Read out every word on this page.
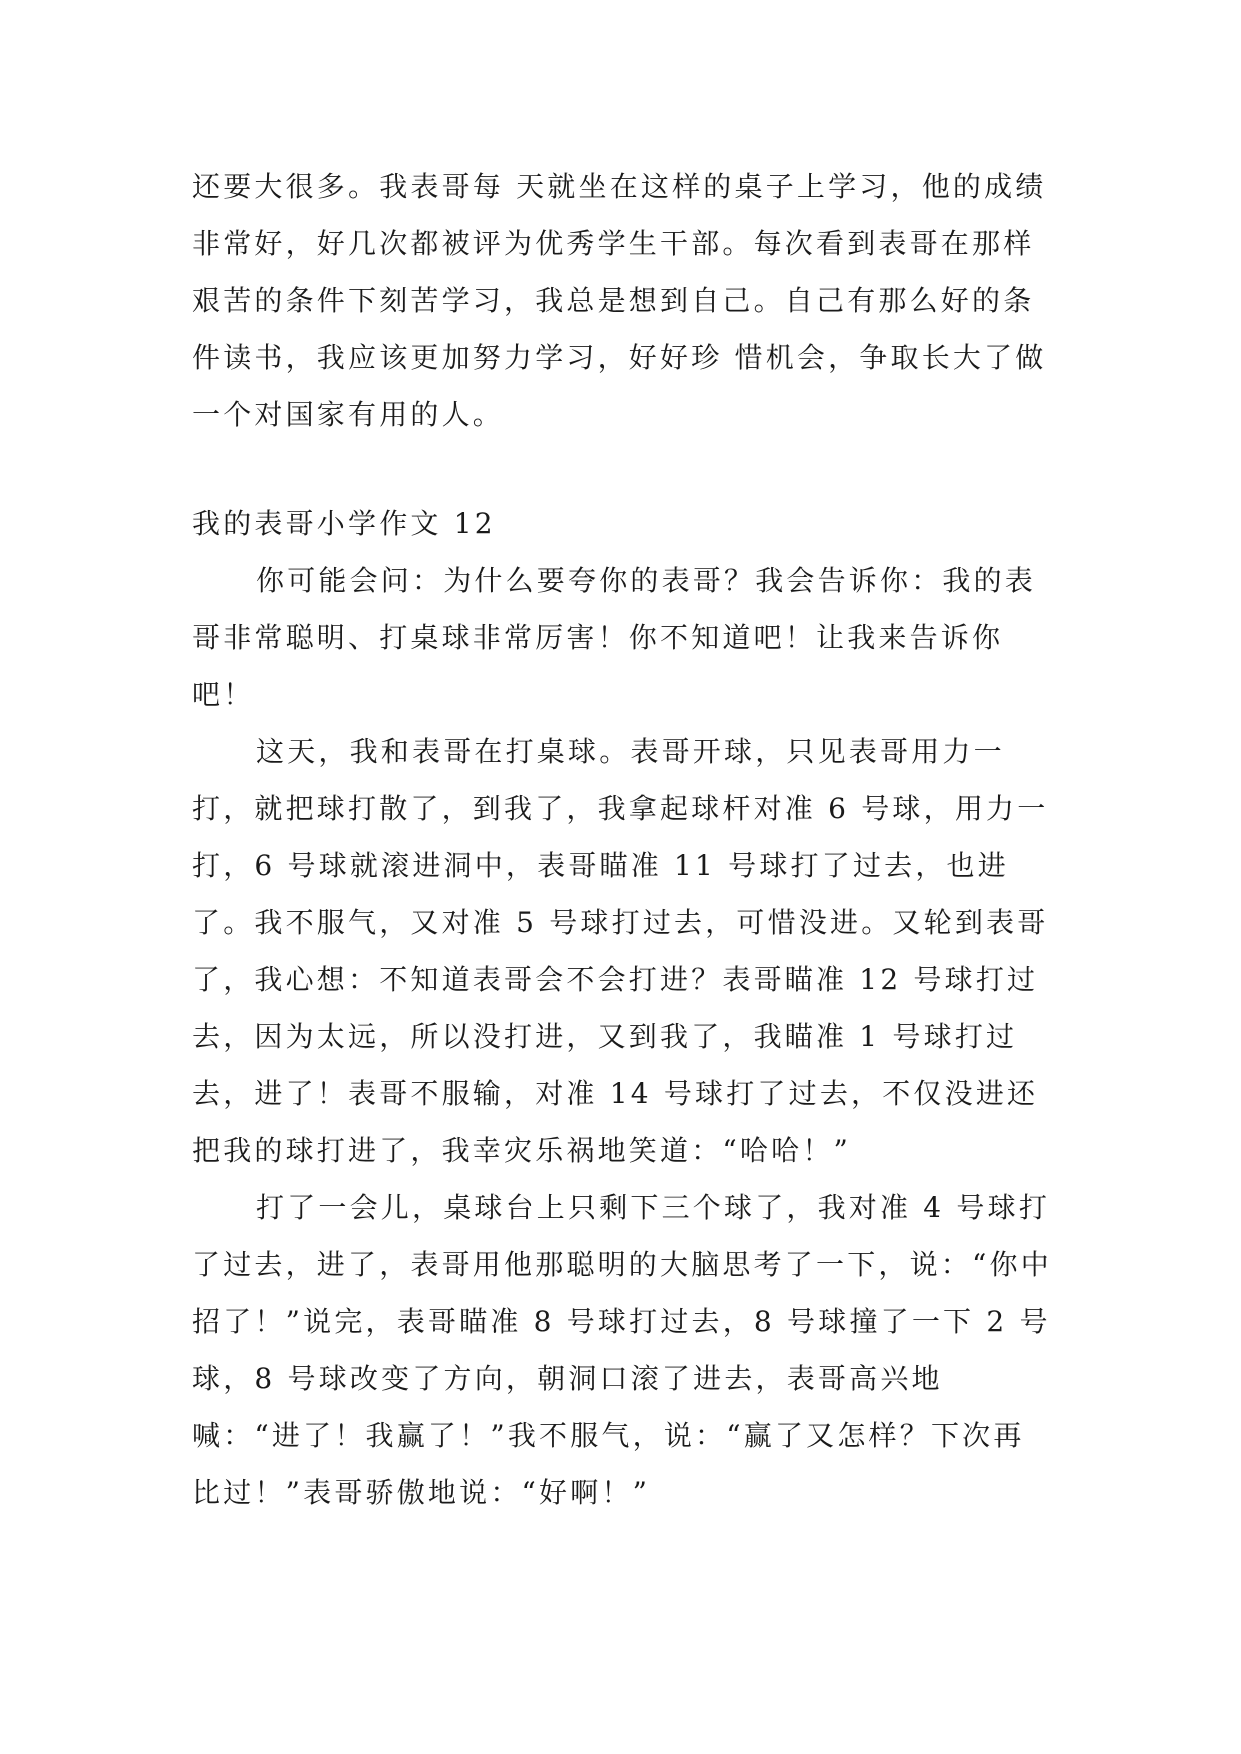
还要大很多。我表哥每 天就坐在这样的桌子上学习，他的成绩非常好，好几次都被评为优秀学生干部。每次看到表哥在那样艰苦的条件下刻苦学习，我总是想到自己。自己有那么好的条件读书，我应该更加努力学习，好好珍 惜机会，争取长大了做一个对国家有用的人。

我的表哥小学作文 12

你可能会问：为什么要夸你的表哥？我会告诉你：我的表哥非常聪明、打桌球非常厉害！你不知道吧！让我来告诉你吧！

这天，我和表哥在打桌球。表哥开球，只见表哥用力一打，就把球打散了，到我了，我拿起球杆对准 6 号球，用力一打，6 号球就滚进洞中，表哥瞄准 11 号球打了过去，也进了。我不服气，又对准 5 号球打过去，可惜没进。又轮到表哥了，我心想：不知道表哥会不会打进？表哥瞄准 12 号球打过去，因为太远，所以没打进，又到我了，我瞄准 1 号球打过去，进了！表哥不服输，对准 14 号球打了过去，不仅没进还把我的球打进了，我幸灾乐祸地笑道：“哈哈！”

打了一会儿，桌球台上只剩下三个球了，我对准 4 号球打了过去，进了，表哥用他那聪明的大脑思考了一下，说：“你中招了！”说完，表哥瞄准 8 号球打过去，8 号球撞了一下 2 号球，8 号球改变了方向，朝洞口滚了进去，表哥高兴地喊：“进了！我赢了！”我不服气，说：“赢了又怎样？下次再比过！”表哥骄傲地说：“好啊！”
